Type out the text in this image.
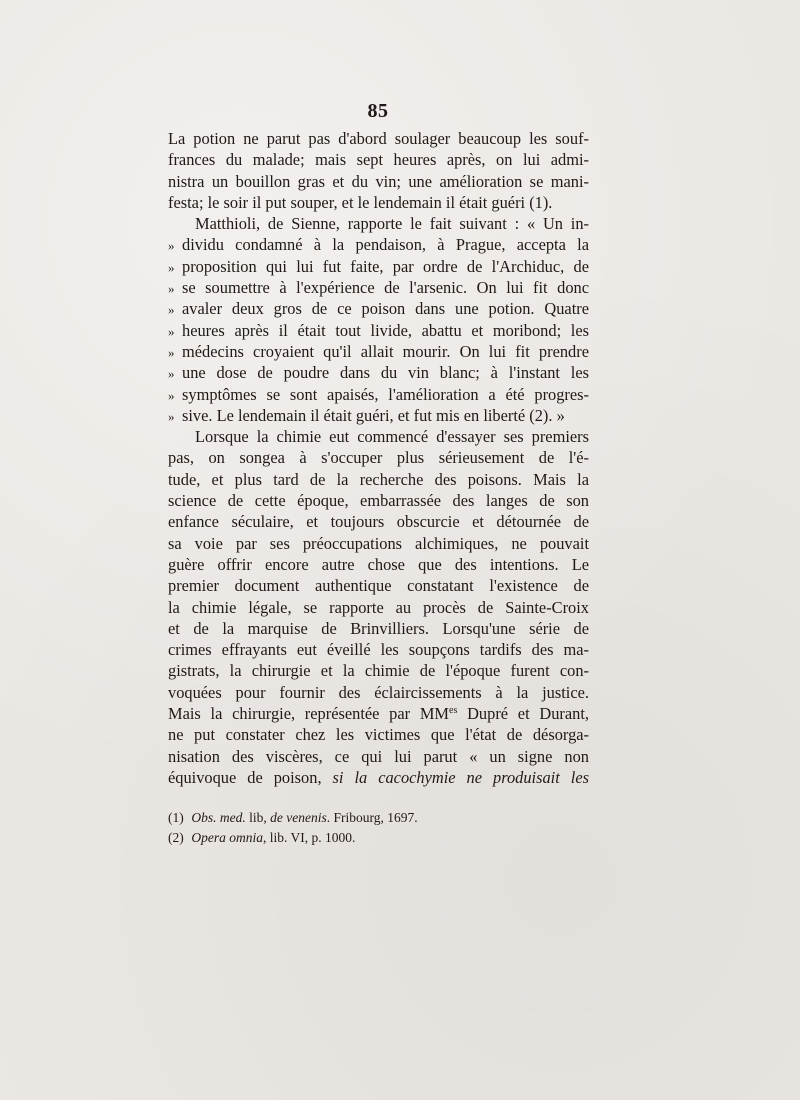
85
La potion ne parut pas d'abord soulager beaucoup les souf-
frances du malade; mais sept heures après, on lui admi-
nistra un bouillon gras et du vin; une amélioration se mani-
festa; le soir il put souper, et le lendemain il était guéri (1).
Matthioli, de Sienne, rapporte le fait suivant : « Un in-
» dividu condamné à la pendaison, à Prague, accepta la
» proposition qui lui fut faite, par ordre de l'Archiduc, de
» se soumettre à l'expérience de l'arsenic. On lui fit donc
» avaler deux gros de ce poison dans une potion. Quatre
» heures après il était tout livide, abattu et moribond; les
» médecins croyaient qu'il allait mourir. On lui fit prendre
» une dose de poudre dans du vin blanc; à l'instant les
» symptômes se sont apaisés, l'amélioration a été progres-
» sive. Le lendemain il était guéri, et fut mis en liberté (2). »
Lorsque la chimie eut commencé d'essayer ses premiers
pas, on songea à s'occuper plus sérieusement de l'é-
tude, et plus tard de la recherche des poisons. Mais la
science de cette époque, embarrassée des langes de son
enfance séculaire, et toujours obscurcie et détournée de
sa voie par ses préoccupations alchimiques, ne pouvait
guère offrir encore autre chose que des intentions. Le
premier document authentique constatant l'existence de
la chimie légale, se rapporte au procès de Sainte-Croix
et de la marquise de Brinvilliers. Lorsqu'une série de
crimes effrayants eut éveillé les soupçons tardifs des ma-
gistrats, la chirurgie et la chimie de l'époque furent con-
voquées pour fournir des éclaircissements à la justice.
Mais la chirurgie, représentée par $MM^{es}$ Dupré et Durant,
ne put constater chez les victimes que l'état de désorga-
nisation des viscères, ce qui lui parut « un signe non
équivoque de poison, si la cacochymie ne produisait les
(1) Obs. med. lib, de venenis. Fribourg, 1697.
(2) Opera omnia, lib. VI, p. 1000.
